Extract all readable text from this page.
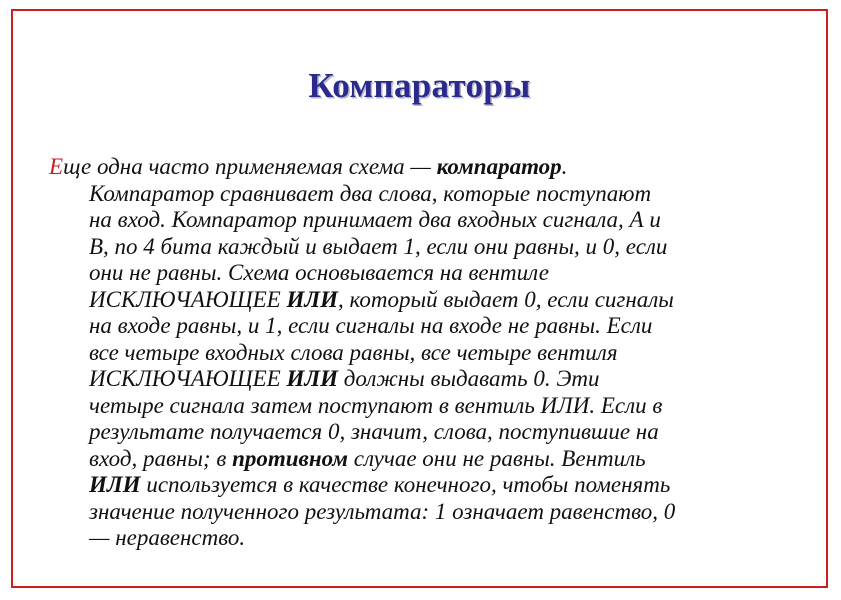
Компараторы
Еще одна часто применяемая схема — компаратор.
Компаратор сравнивает два слова, которые поступают
на вход. Компаратор принимает два входных сигнала, А и
В, по 4 бита каждый и выдает 1, если они равны, и 0, если
они не равны. Схема основывается на вентиле
ИСКЛЮЧАЮЩЕЕ ИЛИ, который выдает 0, если сигналы
на входе равны, и 1, если сигналы на входе не равны. Если
все четыре входных слова равны, все четыре вентиля
ИСКЛЮЧАЮЩЕЕ ИЛИ должны выдавать 0. Эти
четыре сигнала затем поступают в вентиль ИЛИ. Если в
результате получается 0, значит, слова, поступившие на
вход, равны; в противном случае они не равны. Вентиль
ИЛИ используется в качестве конечного, чтобы поменять
значение полученного результата: 1 означает равенство, 0
— неравенство.
